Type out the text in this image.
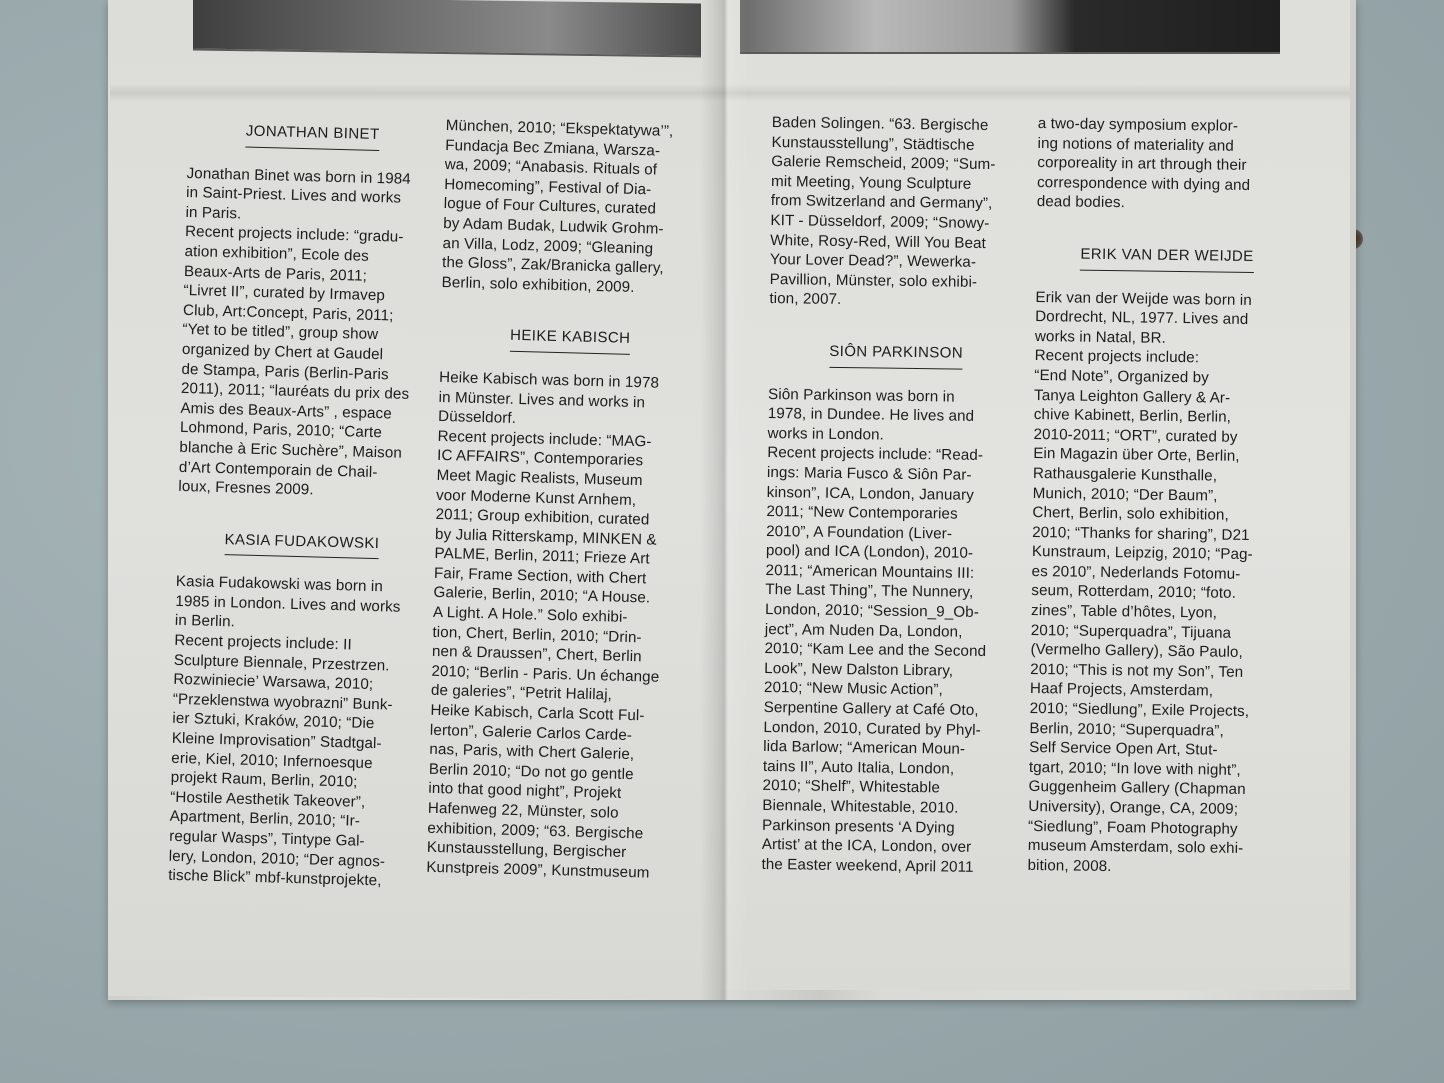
JONATHAN BINET

Jonathan Binet was born in 1984
in Saint-Priest. Lives and works
in Paris.
Recent projects include: “gradu-
ation exhibition”, Ecole des
Beaux-Arts de Paris, 2011;
“Livret II”, curated by Irmavep
Club, Art:Concept, Paris, 2011;
“Yet to be titled”, group show
organized by Chert at Gaudel
de Stampa, Paris (Berlin-Paris
2011), 2011; “lauréats du prix des
Amis des Beaux-Arts” , espace
Lohmond, Paris, 2010; “Carte
blanche à Eric Suchère”, Maison
d’Art Contemporain de Chail-
loux, Fresnes 2009.

KASIA FUDAKOWSKI

Kasia Fudakowski was born in
1985 in London. Lives and works
in Berlin.
Recent projects include: II
Sculpture Biennale, Przestrzen.
Rozwiniecie’ Warsawa, 2010;
“Przeklenstwa wyobrazni” Bunk-
ier Sztuki, Kraków, 2010; “Die
Kleine Improvisation” Stadtgal-
erie, Kiel, 2010; Infernoesque
projekt Raum, Berlin, 2010;
“Hostile Aesthetik Takeover”,
Apartment, Berlin, 2010; “Ir-
regular Wasps”, Tintype Gal-
lery, London, 2010; “Der agnos-
tische Blick” mbf-kunstprojekte,

München, 2010; “Ekspektatywa’”,
Fundacja Bec Zmiana, Warsza-
wa, 2009; “Anabasis. Rituals of
Homecoming”, Festival of Dia-
logue of Four Cultures, curated
by Adam Budak, Ludwik Grohm-
an Villa, Lodz, 2009; “Gleaning
the Gloss”, Zak/Branicka gallery,
Berlin, solo exhibition, 2009.

HEIKE KABISCH

Heike Kabisch was born in 1978
in Münster. Lives and works in
Düsseldorf.
Recent projects include: “MAG-
IC AFFAIRS”, Contemporaries
Meet Magic Realists, Museum
voor Moderne Kunst Arnhem,
2011; Group exhibition, curated
by Julia Ritterskamp, MINKEN &
PALME, Berlin, 2011; Frieze Art
Fair, Frame Section, with Chert
Galerie, Berlin, 2010; “A House.
A Light. A Hole.” Solo exhibi-
tion, Chert, Berlin, 2010; “Drin-
nen & Draussen”, Chert, Berlin
2010; “Berlin - Paris. Un échange
de galeries”, “Petrit Halilaj,
Heike Kabisch, Carla Scott Ful-
lerton”, Galerie Carlos Carde-
nas, Paris, with Chert Galerie,
Berlin 2010; “Do not go gentle
into that good night”, Projekt
Hafenweg 22, Münster, solo
exhibition, 2009; “63. Bergische
Kunstausstellung, Bergischer
Kunstpreis 2009”, Kunstmuseum

Baden Solingen. “63. Bergische
Kunstausstellung”, Städtische
Galerie Remscheid, 2009; “Sum-
mit Meeting, Young Sculpture
from Switzerland and Germany”,
KIT - Düsseldorf, 2009; “Snowy-
White, Rosy-Red, Will You Beat
Your Lover Dead?”, Wewerka-
Pavillion, Münster, solo exhibi-
tion, 2007.

SIÔN PARKINSON

Siôn Parkinson was born in
1978, in Dundee. He lives and
works in London.
Recent projects include: “Read-
ings: Maria Fusco & Siôn Par-
kinson”, ICA, London, January
2011; “New Contemporaries
2010”, A Foundation (Liver-
pool) and ICA (London), 2010-
2011; “American Mountains III:
The Last Thing”, The Nunnery,
London, 2010; “Session_9_Ob-
ject”, Am Nuden Da, London,
2010; “Kam Lee and the Second
Look”, New Dalston Library,
2010; “New Music Action”,
Serpentine Gallery at Café Oto,
London, 2010, Curated by Phyl-
lida Barlow; “American Moun-
tains II”, Auto Italia, London,
2010; “Shelf”, Whitestable
Biennale, Whitestable, 2010.
Parkinson presents ‘A Dying
Artist’ at the ICA, London, over
the Easter weekend, April 2011

a two-day symposium explor-
ing notions of materiality and
corporeality in art through their
correspondence with dying and
dead bodies.

ERIK VAN DER WEIJDE

Erik van der Weijde was born in
Dordrecht, NL, 1977. Lives and
works in Natal, BR.
Recent projects include:
“End Note”, Organized by
Tanya Leighton Gallery & Ar-
chive Kabinett, Berlin, Berlin,
2010-2011; “ORT”, curated by
Ein Magazin über Orte, Berlin,
Rathausgalerie Kunsthalle,
Munich, 2010; “Der Baum”,
Chert, Berlin, solo exhibition,
2010; “Thanks for sharing”, D21
Kunstraum, Leipzig, 2010; “Pag-
es 2010”, Nederlands Fotomu-
seum, Rotterdam, 2010; “foto.
zines”, Table d’hôtes, Lyon,
2010; “Superquadra”, Tijuana
(Vermelho Gallery), São Paulo,
2010; “This is not my Son”, Ten
Haaf Projects, Amsterdam,
2010; “Siedlung”, Exile Projects,
Berlin, 2010; “Superquadra”,
Self Service Open Art, Stut-
tgart, 2010; “In love with night”,
Guggenheim Gallery (Chapman
University), Orange, CA, 2009;
“Siedlung”, Foam Photography
museum Amsterdam, solo exhi-
bition, 2008.
